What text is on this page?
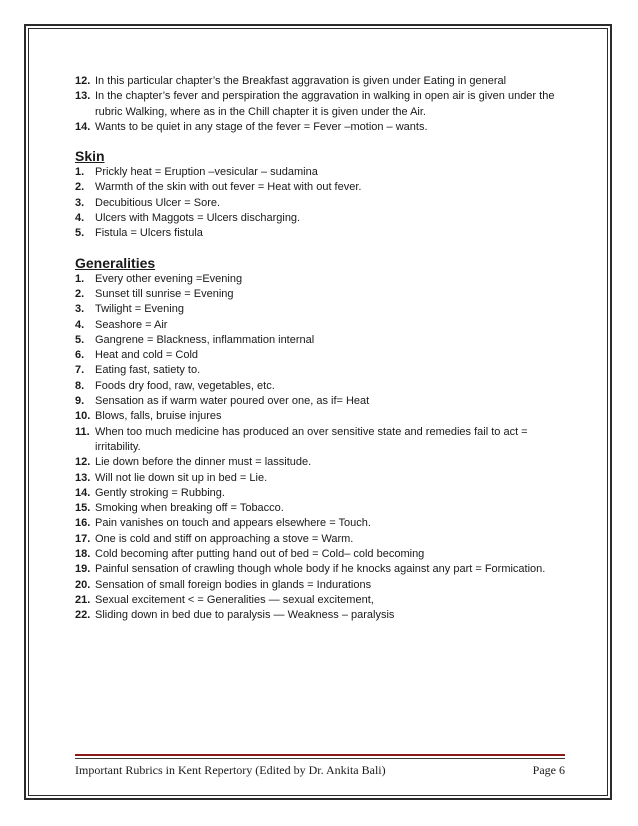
12. In this particular chapter’s the Breakfast aggravation is given under Eating in general
13. In the chapter’s fever and perspiration the aggravation in walking in open air is given under the rubric Walking, where as in the Chill chapter it is given under the Air.
14. Wants to be quiet in any stage of the fever = Fever –motion – wants.
Skin
1. Prickly heat = Eruption –vesicular – sudamina
2. Warmth of the skin with out fever = Heat with out fever.
3. Decubitious Ulcer = Sore.
4. Ulcers with Maggots = Ulcers discharging.
5. Fistula = Ulcers fistula
Generalities
1. Every other evening =Evening
2. Sunset till sunrise = Evening
3. Twilight = Evening
4. Seashore = Air
5. Gangrene = Blackness, inflammation internal
6. Heat and cold = Cold
7. Eating fast, satiety to.
8. Foods dry food, raw, vegetables, etc.
9. Sensation as if warm water poured over one, as if= Heat
10. Blows, falls, bruise injures
11. When too much medicine has produced an over sensitive state and remedies fail to act = irritability.
12. Lie down before the dinner must = lassitude.
13. Will not lie down sit up in bed = Lie.
14. Gently stroking = Rubbing.
15. Smoking when breaking off = Tobacco.
16. Pain vanishes on touch and appears elsewhere = Touch.
17. One is cold and stiff on approaching a stove = Warm.
18. Cold becoming after putting hand out of bed = Cold– cold becoming
19. Painful sensation of crawling though whole body if he knocks against any part = Formication.
20. Sensation of small foreign bodies in glands = Indurations
21. Sexual excitement < = Generalities — sexual excitement,
22. Sliding down in bed due to paralysis — Weakness – paralysis
Important Rubrics in Kent Repertory (Edited by Dr. Ankita Bali)	Page 6
